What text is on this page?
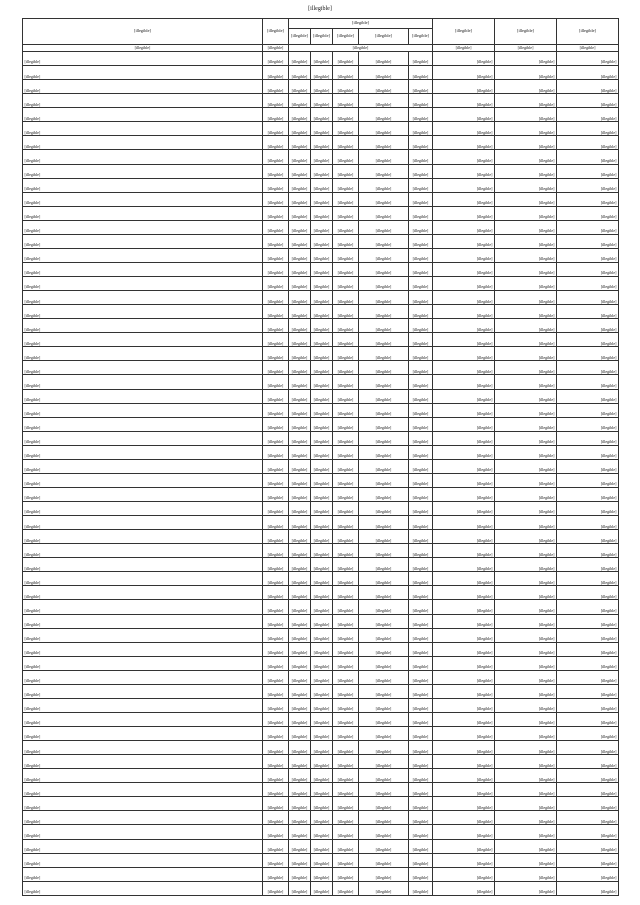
[illegible]
[illegible]	[illegible]	[illegible]					[illegible]	[illegible]	[illegible]
		[illegible]	[illegible]	[illegible]	[illegible]	[illegible]			
[illegible]	[illegible]	[illegible]					[illegible]	[illegible]	[illegible]
[illegible]	[illegible]	[illegible]	[illegible]	[illegible]	[illegible]	[illegible]	[illegible]	[illegible]	[illegible]
[illegible]	[illegible]	[illegible]	[illegible]	[illegible]	[illegible]	[illegible]	[illegible]	[illegible]	[illegible]
[illegible]	[illegible]	[illegible]	[illegible]	[illegible]	[illegible]	[illegible]	[illegible]	[illegible]	[illegible]
[illegible]	[illegible]	[illegible]	[illegible]	[illegible]	[illegible]	[illegible]	[illegible]	[illegible]	[illegible]
[illegible]	[illegible]	[illegible]	[illegible]	[illegible]	[illegible]	[illegible]	[illegible]	[illegible]	[illegible]
[illegible]	[illegible]	[illegible]	[illegible]	[illegible]	[illegible]	[illegible]	[illegible]	[illegible]	[illegible]
[illegible]	[illegible]	[illegible]	[illegible]	[illegible]	[illegible]	[illegible]	[illegible]	[illegible]	[illegible]
[illegible]	[illegible]	[illegible]	[illegible]	[illegible]	[illegible]	[illegible]	[illegible]	[illegible]	[illegible]
[illegible]	[illegible]	[illegible]	[illegible]	[illegible]	[illegible]	[illegible]	[illegible]	[illegible]	[illegible]
[illegible]	[illegible]	[illegible]	[illegible]	[illegible]	[illegible]	[illegible]	[illegible]	[illegible]	[illegible]
[illegible]	[illegible]	[illegible]	[illegible]	[illegible]	[illegible]	[illegible]	[illegible]	[illegible]	[illegible]
[illegible]	[illegible]	[illegible]	[illegible]	[illegible]	[illegible]	[illegible]	[illegible]	[illegible]	[illegible]
[illegible]	[illegible]	[illegible]	[illegible]	[illegible]	[illegible]	[illegible]	[illegible]	[illegible]	[illegible]
[illegible]	[illegible]	[illegible]	[illegible]	[illegible]	[illegible]	[illegible]	[illegible]	[illegible]	[illegible]
[illegible]	[illegible]	[illegible]	[illegible]	[illegible]	[illegible]	[illegible]	[illegible]	[illegible]	[illegible]
[illegible]	[illegible]	[illegible]	[illegible]	[illegible]	[illegible]	[illegible]	[illegible]	[illegible]	[illegible]
[illegible]	[illegible]	[illegible]	[illegible]	[illegible]	[illegible]	[illegible]	[illegible]	[illegible]	[illegible]
[illegible]	[illegible]	[illegible]	[illegible]	[illegible]	[illegible]	[illegible]	[illegible]	[illegible]	[illegible]
[illegible]	[illegible]	[illegible]	[illegible]	[illegible]	[illegible]	[illegible]	[illegible]	[illegible]	[illegible]
[illegible]	[illegible]	[illegible]	[illegible]	[illegible]	[illegible]	[illegible]	[illegible]	[illegible]	[illegible]
[illegible]	[illegible]	[illegible]	[illegible]	[illegible]	[illegible]	[illegible]	[illegible]	[illegible]	[illegible]
[illegible]	[illegible]	[illegible]	[illegible]	[illegible]	[illegible]	[illegible]	[illegible]	[illegible]	[illegible]
[illegible]	[illegible]	[illegible]	[illegible]	[illegible]	[illegible]	[illegible]	[illegible]	[illegible]	[illegible]
[illegible]	[illegible]	[illegible]	[illegible]	[illegible]	[illegible]	[illegible]	[illegible]	[illegible]	[illegible]
[illegible]	[illegible]	[illegible]	[illegible]	[illegible]	[illegible]	[illegible]	[illegible]	[illegible]	[illegible]
[illegible]	[illegible]	[illegible]	[illegible]	[illegible]	[illegible]	[illegible]	[illegible]	[illegible]	[illegible]
[illegible]	[illegible]	[illegible]	[illegible]	[illegible]	[illegible]	[illegible]	[illegible]	[illegible]	[illegible]
[illegible]	[illegible]	[illegible]	[illegible]	[illegible]	[illegible]	[illegible]	[illegible]	[illegible]	[illegible]
[illegible]	[illegible]	[illegible]	[illegible]	[illegible]	[illegible]	[illegible]	[illegible]	[illegible]	[illegible]
[illegible]	[illegible]	[illegible]	[illegible]	[illegible]	[illegible]	[illegible]	[illegible]	[illegible]	[illegible]
[illegible]	[illegible]	[illegible]	[illegible]	[illegible]	[illegible]	[illegible]	[illegible]	[illegible]	[illegible]
[illegible]	[illegible]	[illegible]	[illegible]	[illegible]	[illegible]	[illegible]	[illegible]	[illegible]	[illegible]
[illegible]	[illegible]	[illegible]	[illegible]	[illegible]	[illegible]	[illegible]	[illegible]	[illegible]	[illegible]
[illegible]	[illegible]	[illegible]	[illegible]	[illegible]	[illegible]	[illegible]	[illegible]	[illegible]	[illegible]
[illegible]	[illegible]	[illegible]	[illegible]	[illegible]	[illegible]	[illegible]	[illegible]	[illegible]	[illegible]
[illegible]	[illegible]	[illegible]	[illegible]	[illegible]	[illegible]	[illegible]	[illegible]	[illegible]	[illegible]
[illegible]	[illegible]	[illegible]	[illegible]	[illegible]	[illegible]	[illegible]	[illegible]	[illegible]	[illegible]
[illegible]	[illegible]	[illegible]	[illegible]	[illegible]	[illegible]	[illegible]	[illegible]	[illegible]	[illegible]
[illegible]	[illegible]	[illegible]	[illegible]	[illegible]	[illegible]	[illegible]	[illegible]	[illegible]	[illegible]
[illegible]	[illegible]	[illegible]	[illegible]	[illegible]	[illegible]	[illegible]	[illegible]	[illegible]	[illegible]
[illegible]	[illegible]	[illegible]	[illegible]	[illegible]	[illegible]	[illegible]	[illegible]	[illegible]	[illegible]
[illegible]	[illegible]	[illegible]	[illegible]	[illegible]	[illegible]	[illegible]	[illegible]	[illegible]	[illegible]
[illegible]	[illegible]	[illegible]	[illegible]	[illegible]	[illegible]	[illegible]	[illegible]	[illegible]	[illegible]
[illegible]	[illegible]	[illegible]	[illegible]	[illegible]	[illegible]	[illegible]	[illegible]	[illegible]	[illegible]
[illegible]	[illegible]	[illegible]	[illegible]	[illegible]	[illegible]	[illegible]	[illegible]	[illegible]	[illegible]
[illegible]	[illegible]	[illegible]	[illegible]	[illegible]	[illegible]	[illegible]	[illegible]	[illegible]	[illegible]
[illegible]	[illegible]	[illegible]	[illegible]	[illegible]	[illegible]	[illegible]	[illegible]	[illegible]	[illegible]
[illegible]	[illegible]	[illegible]	[illegible]	[illegible]	[illegible]	[illegible]	[illegible]	[illegible]	[illegible]
[illegible]	[illegible]	[illegible]	[illegible]	[illegible]	[illegible]	[illegible]	[illegible]	[illegible]	[illegible]
[illegible]	[illegible]	[illegible]	[illegible]	[illegible]	[illegible]	[illegible]	[illegible]	[illegible]	[illegible]
[illegible]	[illegible]	[illegible]	[illegible]	[illegible]	[illegible]	[illegible]	[illegible]	[illegible]	[illegible]
[illegible]	[illegible]	[illegible]	[illegible]	[illegible]	[illegible]	[illegible]	[illegible]	[illegible]	[illegible]
[illegible]	[illegible]	[illegible]	[illegible]	[illegible]	[illegible]	[illegible]	[illegible]	[illegible]	[illegible]
[illegible]	[illegible]	[illegible]	[illegible]	[illegible]	[illegible]	[illegible]	[illegible]	[illegible]	[illegible]
[illegible]	[illegible]	[illegible]	[illegible]	[illegible]	[illegible]	[illegible]	[illegible]	[illegible]	[illegible]
[illegible]	[illegible]	[illegible]	[illegible]	[illegible]	[illegible]	[illegible]	[illegible]	[illegible]	[illegible]
[illegible]	[illegible]	[illegible]	[illegible]	[illegible]	[illegible]	[illegible]	[illegible]	[illegible]	[illegible]
[illegible]	[illegible]	[illegible]	[illegible]	[illegible]	[illegible]	[illegible]	[illegible]	[illegible]	[illegible]
[illegible]	[illegible]	[illegible]	[illegible]	[illegible]	[illegible]	[illegible]	[illegible]	[illegible]	[illegible]
[illegible]	[illegible]	[illegible]	[illegible]	[illegible]	[illegible]	[illegible]	[illegible]	[illegible]	[illegible]
